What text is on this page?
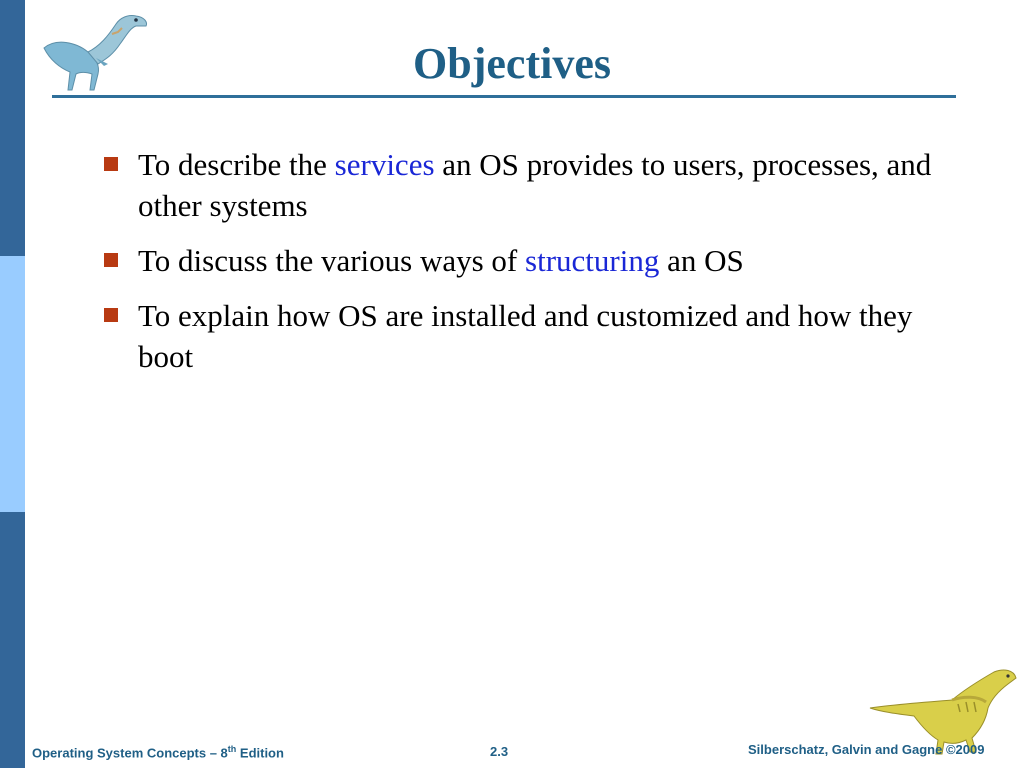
Objectives
To describe the services an OS provides to users, processes, and other systems
To discuss the various ways of structuring an OS
To explain how OS are installed and customized and how they boot
Operating System Concepts – 8th Edition	2.3	Silberschatz, Galvin and Gagne ©2009
